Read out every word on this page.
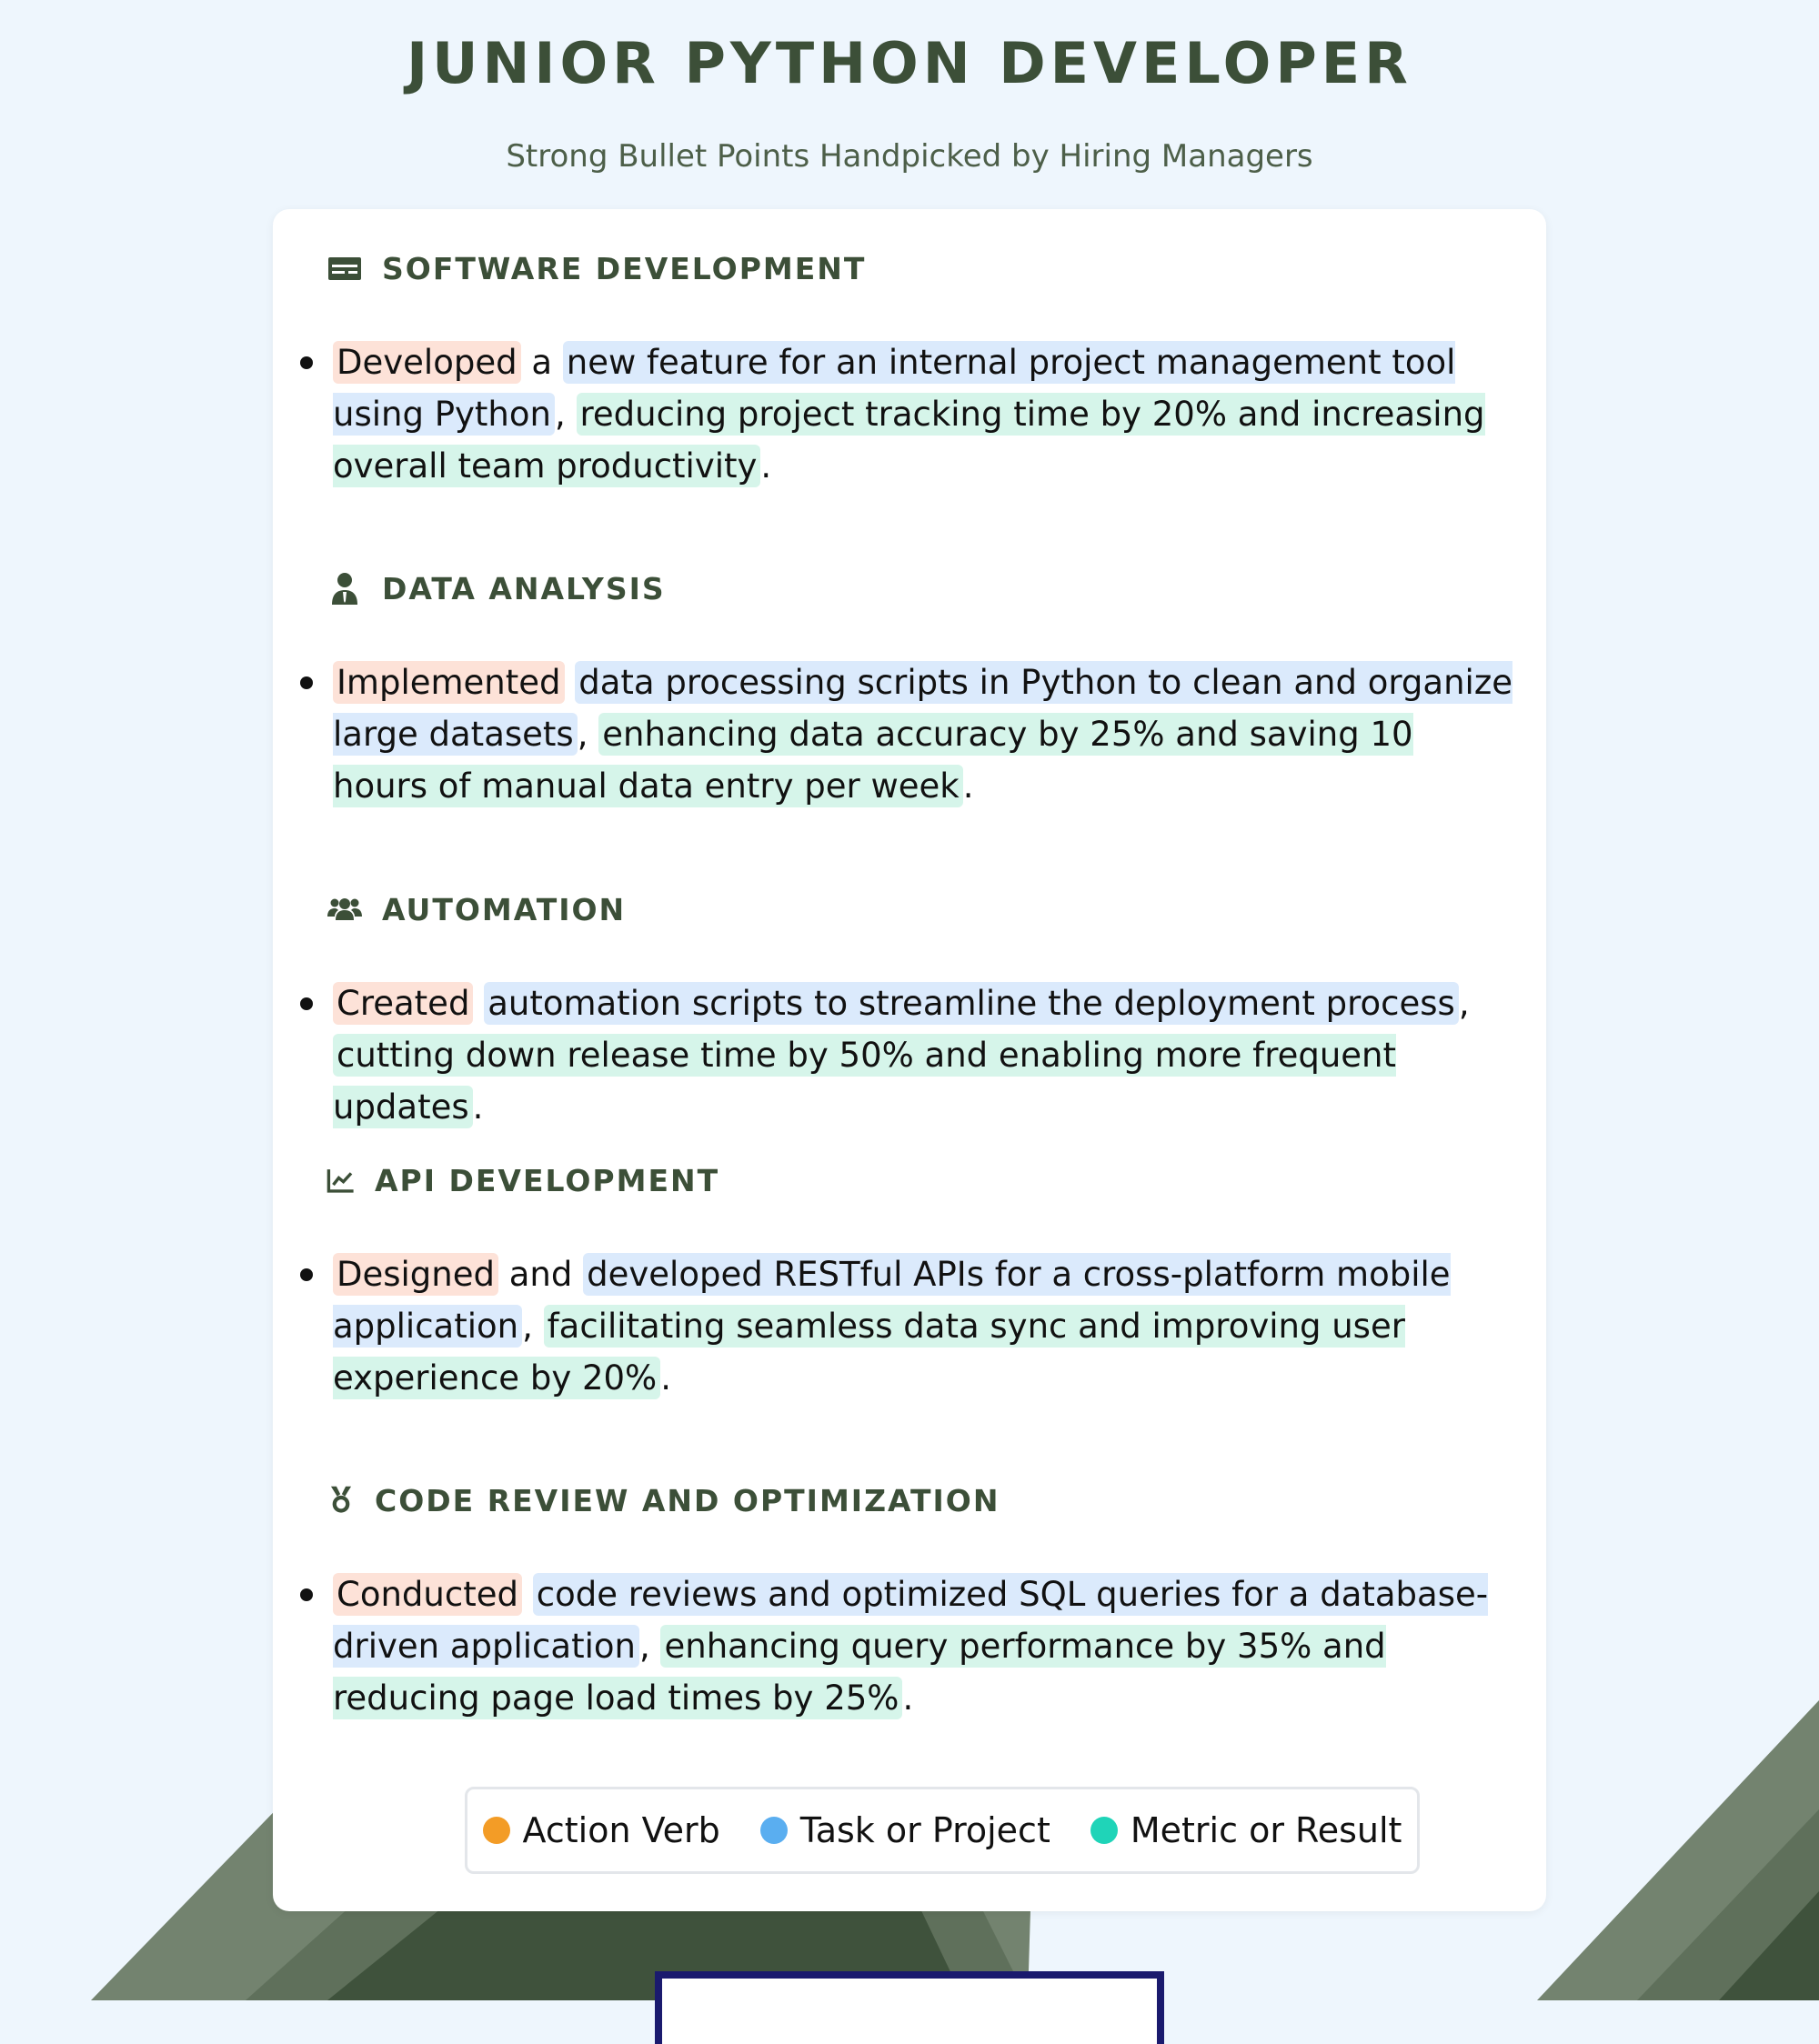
JUNIOR PYTHON DEVELOPER
Strong Bullet Points Handpicked by Hiring Managers
SOFTWARE DEVELOPMENT
Developed a new feature for an internal project management tool using Python , reducing project tracking time by 20% and increasing overall team productivity .
DATA ANALYSIS
Implemented data processing scripts in Python to clean and organize large datasets , enhancing data accuracy by 25% and saving 10 hours of manual data entry per week .
AUTOMATION
Created automation scripts to streamline the deployment process , cutting down release time by 50% and enabling more frequent updates .
API DEVELOPMENT
Designed and developed RESTful APIs for a cross-platform mobile application , facilitating seamless data sync and improving user experience by 20% .
CODE REVIEW AND OPTIMIZATION
Conducted code reviews and optimized SQL queries for a database-driven application , enhancing query performance by 35% and reducing page load times by 25% .
Action Verb Task or Project Metric or Result
